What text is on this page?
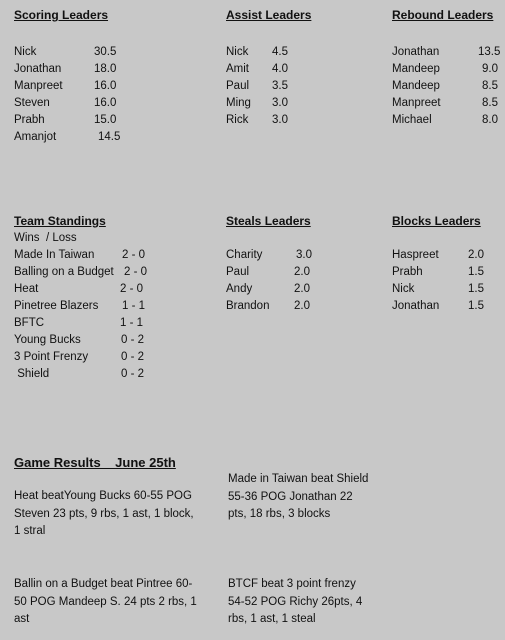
Scoring Leaders
Nick	30.5
Jonathan	18.0
Manpreet	16.0
Steven	16.0
Prabh	15.0
Amanjot	14.5
Assist Leaders
Nick 4.5
Amit 4.0
Paul 3.5
Ming 3.0
Rick 3.0
Rebound Leaders
Jonathan	13.5
Mandeep	9.0
Mandeep	8.5
Manpreet	8.5
Michael	8.0
Team Standings
Wins  / Loss
Made In Taiwan 2 - 0
Balling on a Budget 2 - 0
Heat	2 - 0
Pinetree Blazers 1 - 1
BFTC	1 - 1
Young Bucks	0 - 2
3 Point Frenzy	0 - 2
Shield	0 - 2
Steals Leaders
Charity	3.0
Paul	2.0
Andy	2.0
Brandon 2.0
Blocks Leaders
Haspreet	2.0
Prabh	1.5
Nick	1.5
Jonathan 1.5
Game Results    June 25th
Heat beatYoung Bucks 60-55 POG Steven 23 pts, 9 rbs, 1 ast, 1 block, 1 stral
Made in Taiwan beat Shield 55-36 POG Jonathan 22 pts, 18 rbs, 3 blocks
Ballin on a Budget beat Pintree 60-50 POG Mandeep S. 24 pts 2 rbs, 1 ast
BTCF beat 3 point frenzy 54-52 POG Richy 26pts, 4 rbs, 1 ast, 1 steal
